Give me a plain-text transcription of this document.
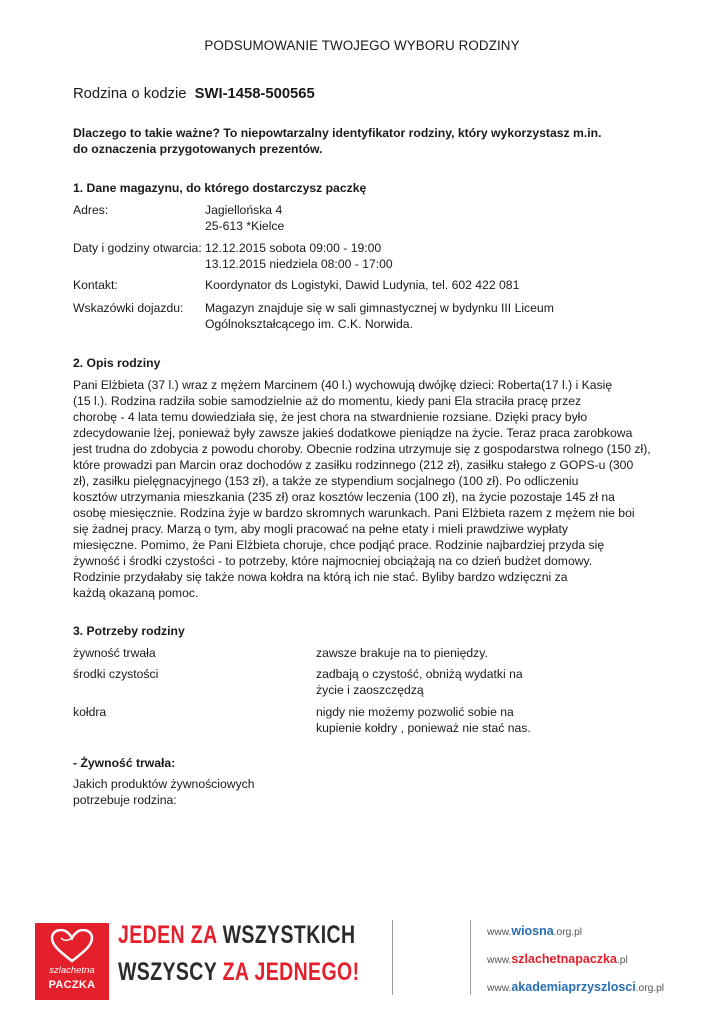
PODSUMOWANIE TWOJEGO WYBORU RODZINY
Rodzina o kodzie SWI-1458-500565
Dlaczego to takie ważne? To niepowtarzalny identyfikator rodziny, który wykorzystasz m.in.
do oznaczenia przygotowanych prezentów.
1. Dane magazynu, do którego dostarczysz paczkę
Adres:	Jagiellońska 4
25-613 *Kielce
Daty i godziny otwarcia: 12.12.2015 sobota 09:00 - 19:00
13.12.2015 niedziela 08:00 - 17:00
Kontakt:	Koordynator ds Logistyki, Dawid Ludynia, tel. 602 422 081
Wskazówki dojazdu: Magazyn znajduje się w sali gimnastycznej w bydynku III Liceum
Ogólnokształcącego im. C.K. Norwida.
2. Opis rodziny
Pani Elżbieta (37 l.) wraz z mężem Marcinem (40 l.) wychowują dwójkę dzieci: Roberta(17 l.) i Kasię
(15 l.). Rodzina radziła sobie samodzielnie aż do momentu, kiedy pani Ela straciła pracę przez
chorobę - 4 lata temu dowiedziała się, że jest chora na stwardnienie rozsiane. Dzięki pracy było
zdecydowanie lżej, ponieważ były zawsze jakieś dodatkowe pieniądze na życie. Teraz praca zarobkowa
jest trudna do zdobycia z powodu choroby. Obecnie rodzina utrzymuje się z gospodarstwa rolnego (150 zł),
które prowadzi pan Marcin oraz dochodów z zasiłku rodzinnego (212 zł), zasiłku stałego z GOPS-u (300
zł), zasiłku pielęgnacyjnego (153 zł), a także ze stypendium socjalnego (100 zł). Po odliczeniu
kosztów utrzymania mieszkania (235 zł) oraz kosztów leczenia (100 zł), na życie pozostaje 145 zł na
osobę miesięcznie. Rodzina żyje w bardzo skromnych warunkach. Pani Elżbieta razem z mężem nie boi
się żadnej pracy. Marzą o tym, aby mogli pracować na pełne etaty i mieli prawdziwe wypłaty
miesięczne. Pomimo, że Pani Elżbieta choruje, chce podjąć prace. Rodzinie najbardziej przyda się
żywność i środki czystości - to potrzeby, które najmocniej obciążają na co dzień budżet domowy.
Rodzinie przydałaby się także nowa kołdra na którą ich nie stać. Byliby bardzo wdzięczni za
każdą okazaną pomoc.
3. Potrzeby rodziny
żywność trwała	zawsze brakuje na to pieniędzy.
środki czystości	zadbają o czystość, obniżą wydatki na
życie i zaoszczędzą
kołdra	nigdy nie możemy pozwolić sobie na
kupienie kołdry , ponieważ nie stać nas.
- Żywność trwała:
Jakich produktów żywnościowych
potrzebuje rodzina:
szlachetna
PACZKA
JEDEN ZA WSZYSTKICH
WSZYSCY ZA JEDNEGO!
www.wiosna.org.pl
www.szlachetnapaczka.pl
www.akademiaprzyszlosci.org.pl
